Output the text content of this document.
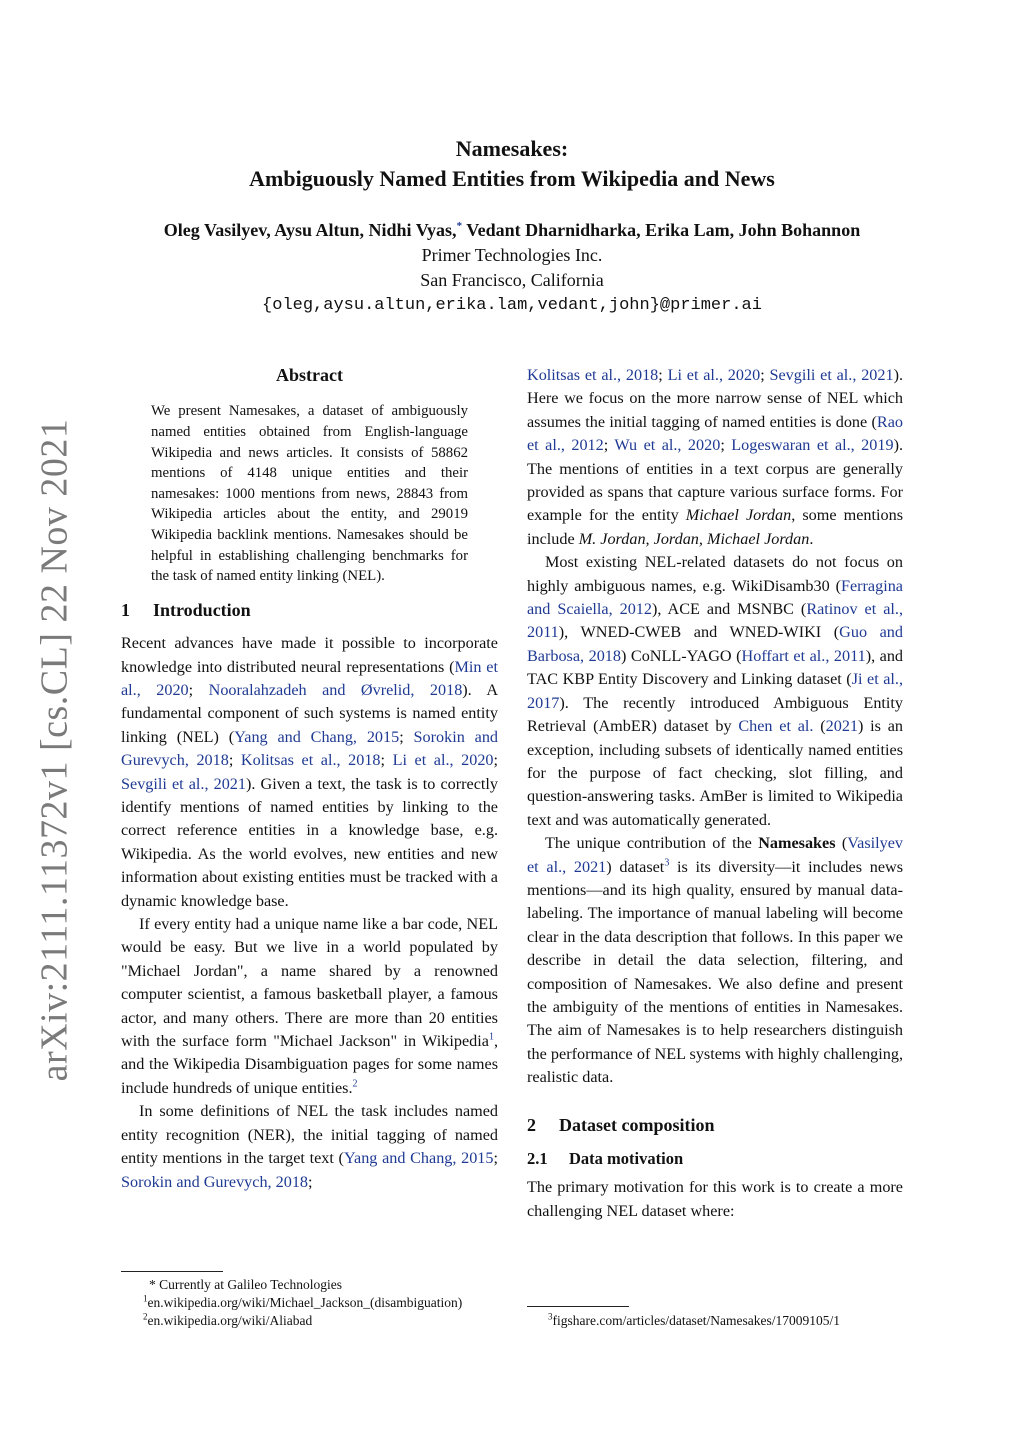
arXiv:2111.11372v1 [cs.CL] 22 Nov 2021
Namesakes:
Ambiguously Named Entities from Wikipedia and News
Oleg Vasilyev, Aysu Altun, Nidhi Vyas,* Vedant Dharnidharka, Erika Lam, John Bohannon
Primer Technologies Inc.
San Francisco, California
{oleg,aysu.altun,erika.lam,vedant,john}@primer.ai
Abstract

We present Namesakes, a dataset of ambiguously named entities obtained from English-language Wikipedia and news articles. It consists of 58862 mentions of 4148 unique entities and their namesakes: 1000 mentions from news, 28843 from Wikipedia articles about the entity, and 29019 Wikipedia backlink mentions. Namesakes should be helpful in establishing challenging benchmarks for the task of named entity linking (NEL).

1 Introduction

Recent advances have made it possible to incorporate knowledge into distributed neural representations (Min et al., 2020; Nooralahzadeh and Øvrelid, 2018). A fundamental component of such systems is named entity linking (NEL) (Yang and Chang, 2015; Sorokin and Gurevych, 2018; Kolitsas et al., 2018; Li et al., 2020; Sevgili et al., 2021). Given a text, the task is to correctly identify mentions of named entities by linking to the correct reference entities in a knowledge base, e.g. Wikipedia. As the world evolves, new entities and new information about existing entities must be tracked with a dynamic knowledge base.

If every entity had a unique name like a bar code, NEL would be easy. But we live in a world populated by "Michael Jordan", a name shared by a renowned computer scientist, a famous basketball player, a famous actor, and many others. There are more than 20 entities with the surface form "Michael Jackson" in Wikipedia$^1$, and the Wikipedia Disambiguation pages for some names include hundreds of unique entities.$^2$

In some definitions of NEL the task includes named entity recognition (NER), the initial tagging of named entity mentions in the target text (Yang and Chang, 2015; Sorokin and Gurevych, 2018;

* Currently at Galileo Technologies
$^1$en.wikipedia.org/wiki/Michael_Jackson_(disambiguation)
$^2$en.wikipedia.org/wiki/Aliabad

Kolitsas et al., 2018; Li et al., 2020; Sevgili et al., 2021). Here we focus on the more narrow sense of NEL which assumes the initial tagging of named entities is done (Rao et al., 2012; Wu et al., 2020; Logeswaran et al., 2019). The mentions of entities in a text corpus are generally provided as spans that capture various surface forms. For example for the entity Michael Jordan, some mentions include M. Jordan, Jordan, Michael Jordan.

Most existing NEL-related datasets do not focus on highly ambiguous names, e.g. WikiDisamb30 (Ferragina and Scaiella, 2012), ACE and MSNBC (Ratinov et al., 2011), WNED-CWEB and WNED-WIKI (Guo and Barbosa, 2018) CoNLL-YAGO (Hoffart et al., 2011), and TAC KBP Entity Discovery and Linking dataset (Ji et al., 2017). The recently introduced Ambiguous Entity Retrieval (AmbER) dataset by Chen et al. (2021) is an exception, including subsets of identically named entities for the purpose of fact checking, slot filling, and question-answering tasks. AmBer is limited to Wikipedia text and was automatically generated.

The unique contribution of the Namesakes (Vasilyev et al., 2021) dataset$^3$ is its diversity—it includes news mentions—and its high quality, ensured by manual data-labeling. The importance of manual labeling will become clear in the data description that follows. In this paper we describe in detail the data selection, filtering, and composition of Namesakes. We also define and present the ambiguity of the mentions of entities in Namesakes. The aim of Namesakes is to help researchers distinguish the performance of NEL systems with highly challenging, realistic data.

2 Dataset composition
2.1 Data motivation

The primary motivation for this work is to create a more challenging NEL dataset where:

$^3$figshare.com/articles/dataset/Namesakes/17009105/1
